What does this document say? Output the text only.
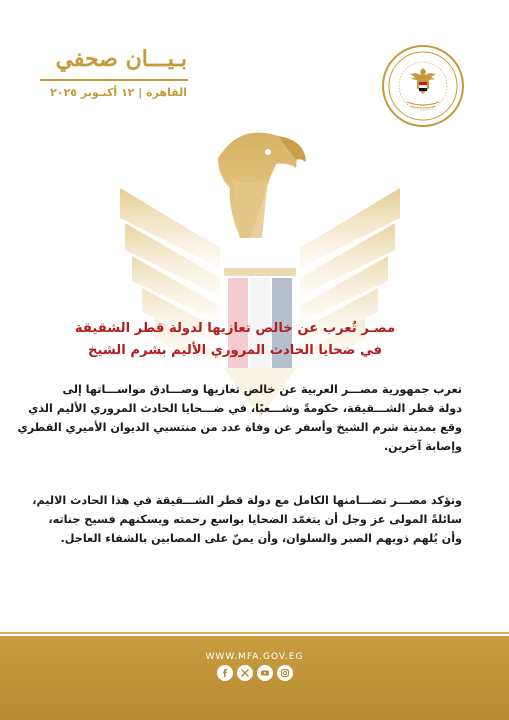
بـيـــان صحفي
القاهرة | ١٢ أكتـوبر ٢٠٢٥
مصـر تُعرب عن خالص تعازيها لدولة قطر الشقيقة
في ضحايا الحادث المروري الأليم بشرم الشيخ
تعرب جمهورية مصـــر العربية عن خالص تعازيها وصـــادق مواســـاتها إلى
دولة قطر الشـــقيقة، حكومةً وشـــعبًا، في ضـــحايا الحادث المروري الأليم الذي
وقع بمدينة شرم الشيخ وأسفر عن وفاة عدد من منتسبي الديوان الأميري القطري
وإصابة آخرين.
وتؤكد مصـــر تضـــامنها الكامل مع دولة قطر الشـــقيقة في هذا الحادث الاليم،
سائلةً المولى عز وجل أن يتغمّد الضحايا بواسع رحمته ويسكنهم فسيح جناته،
وأن يُلهم ذويهم الصبر والسلوان، وأن يمنّ على المصابين بالشفاء العاجل.
WWW.MFA.GOV.EG
